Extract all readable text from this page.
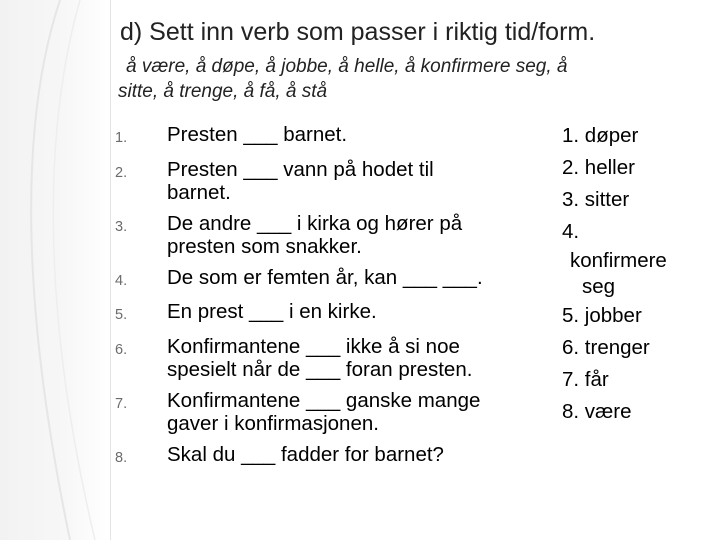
d) Sett inn verb som passer i riktig tid/form.
å være, å døpe, å jobbe, å helle, å konfirmere seg, å
sitte, å trenge, å få, å stå
1.	Presten ___ barnet.
2.	Presten ___ vann på hodet til
barnet.
3.	De andre ___ i kirka og hører på
presten som snakker.
4.	De som er femten år, kan ___ ___.
5.	En prest ___ i en kirke.
6.	Konfirmantene ___ ikke å si noe
spesielt når de ___ foran presten.
7.	Konfirmantene ___ ganske mange
gaver i konfirmasjonen.
8.	Skal du ___ fadder for barnet?
1. døper
2. heller
3. sitter
4.
konfirmere
seg
5. jobber
6. trenger
7. får
8. være
